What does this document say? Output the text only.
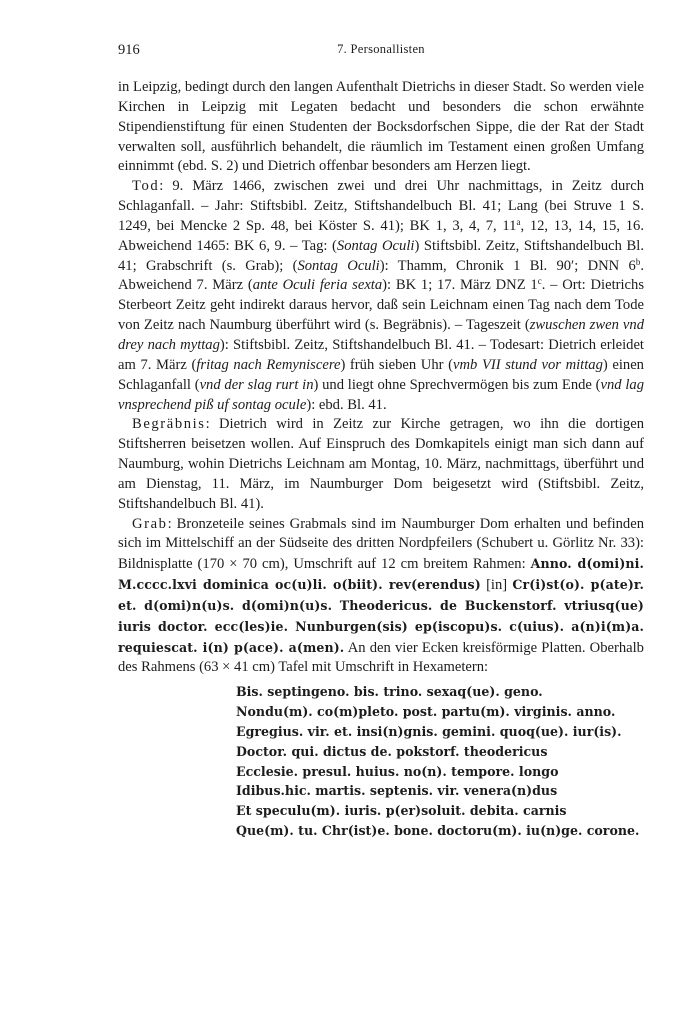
916	7. Personallisten

in Leipzig, bedingt durch den langen Aufenthalt Dietrichs in dieser Stadt. So werden viele Kirchen in Leipzig mit Legaten bedacht und besonders die schon erwähnte Stipendienstiftung für einen Studenten der Bocksdorfschen Sippe, die der Rat der Stadt verwalten soll, ausführlich behandelt, die räumlich im Testament einen großen Umfang einnimmt (ebd. S. 2) und Dietrich offenbar besonders am Herzen liegt.

Tod: 9. März 1466, zwischen zwei und drei Uhr nachmittags, in Zeitz durch Schlaganfall. – Jahr: Stiftsbibl. Zeitz, Stiftshandelbuch Bl. 41; Lang (bei Struve 1 S. 1249, bei Mencke 2 Sp. 48, bei Köster S. 41); BK 1, 3, 4, 7, 11$^a$, 12, 13, 14, 15, 16. Abweichend 1465: BK 6, 9. – Tag: (Sontag Oculi) Stiftsbibl. Zeitz, Stiftshandelbuch Bl. 41; Grabschrift (s. Grab); (Sontag Oculi): Thamm, Chronik 1 Bl. 90′; DNN 6$^b$. Abweichend 7. März (ante Oculi feria sexta): BK 1; 17. März DNZ 1$^c$. – Ort: Dietrichs Sterbeort Zeitz geht indirekt daraus hervor, daß sein Leichnam einen Tag nach dem Tode von Zeitz nach Naumburg überführt wird (s. Begräbnis). – Tageszeit (zwuschen zwen vnd drey nach myttag): Stiftsbibl. Zeitz, Stiftshandelbuch Bl. 41. – Todesart: Dietrich erleidet am 7. März (fritag nach Remyniscere) früh sieben Uhr (vmb VII stund vor mittag) einen Schlaganfall (vnd der slag rurt in) und liegt ohne Sprechvermögen bis zum Ende (vnd lag vnsprechend piß uf sontag ocule): ebd. Bl. 41.

Begräbnis: Dietrich wird in Zeitz zur Kirche getragen, wo ihn die dortigen Stiftsherren beisetzen wollen. Auf Einspruch des Domkapitels einigt man sich dann auf Naumburg, wohin Dietrichs Leichnam am Montag, 10. März, nachmittags, überführt und am Dienstag, 11. März, im Naumburger Dom beigesetzt wird (Stiftsbibl. Zeitz, Stiftshandelbuch Bl. 41).

Grab: Bronzeteile seines Grabmals sind im Naumburger Dom erhalten und befinden sich im Mittelschiff an der Südseite des dritten Nordpfeilers (Schubert u. Görlitz Nr. 33): Bildnisplatte (170 × 70 cm), Umschrift auf 12 cm breitem Rahmen: Anno. d(omi)ni. M.cccc.lxvi dominica oc(u)li. o(biit). rev(erendus) [in] Cr(i)st(o). p(ate)r. et. d(omi)n(u)s. d(omi)n(u)s. Theodericus. de Buckenstorf. vtriusq(ue) iuris doctor. ecc(les)ie. Nunburgen(sis) ep(iscopu)s. c(uius). a(n)i(m)a. requiescat. i(n) p(ace). a(men). An den vier Ecken kreisförmige Platten. Oberhalb des Rahmens (63 × 41 cm) Tafel mit Umschrift in Hexametern:

Bis. septingeno. bis. trino. sexaq(ue). geno.
Nondu(m). co(m)pleto. post. partu(m). virginis. anno.
Egregius. vir. et. insi(n)gnis. gemini. quoq(ue). iur(is).
Doctor. qui. dictus de. pokstorf. theodericus
Ecclesie. presul. huius. no(n). tempore. longo
Idibus.hic. martis. septenis. vir. venera(n)dus
Et speculu(m). iuris. p(er)soluit. debita. carnis
Que(m). tu. Chr(ist)e. bone. doctoru(m). iu(n)ge. corone.
